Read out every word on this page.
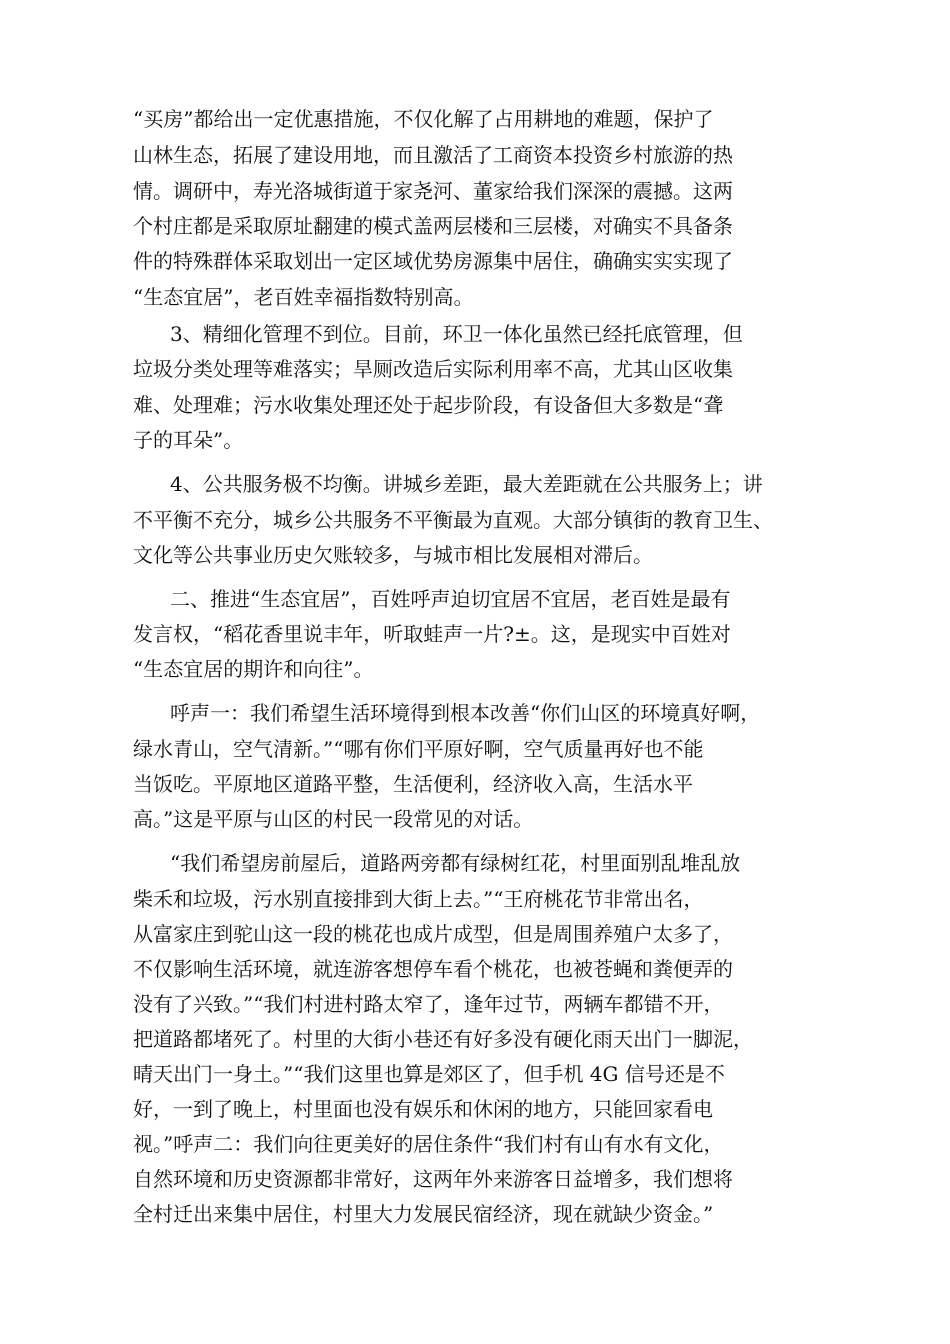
“买房”都给出一定优惠措施，不仅化解了占用耕地的难题，保护了
山林生态，拓展了建设用地，而且激活了工商资本投资乡村旅游的热
情。调研中，寿光洛城街道于家尧河、董家给我们深深的震撼。这两
个村庄都是采取原址翻建的模式盖两层楼和三层楼，对确实不具备条
件的特殊群体采取划出一定区域优势房源集中居住，确确实实实现了
“生态宜居”，老百姓幸福指数特别高。
3、精细化管理不到位。目前，环卫一体化虽然已经托底管理，但
垃圾分类处理等难落实；旱厕改造后实际利用率不高，尤其山区收集
难、处理难；污水收集处理还处于起步阶段，有设备但大多数是“聋
子的耳朵”。
4、公共服务极不均衡。讲城乡差距，最大差距就在公共服务上；讲
不平衡不充分，城乡公共服务不平衡最为直观。大部分镇街的教育卫生、
文化等公共事业历史欠账较多，与城市相比发展相对滞后。
二、推进“生态宜居”，百姓呼声迫切宜居不宜居，老百姓是最有
发言权，“稻花香里说丰年，听取蛙声一片?±。这，是现实中百姓对
“生态宜居的期许和向往”。
呼声一：我们希望生活环境得到根本改善“你们山区的环境真好啊，
绿水青山，空气清新。”“哪有你们平原好啊，空气质量再好也不能
当饭吃。平原地区道路平整，生活便利，经济收入高，生活水平
高。”这是平原与山区的村民一段常见的对话。
“我们希望房前屋后，道路两旁都有绿树红花，村里面别乱堆乱放
柴禾和垃圾，污水别直接排到大街上去。”“王府桃花节非常出名，
从富家庄到驼山这一段的桃花也成片成型，但是周围养殖户太多了，
不仅影响生活环境，就连游客想停车看个桃花，也被苍蝇和粪便弄的
没有了兴致。”“我们村进村路太窄了，逢年过节，两辆车都错不开，
把道路都堵死了。村里的大街小巷还有好多没有硬化雨天出门一脚泥，
晴天出门一身土。”“我们这里也算是郊区了，但手机 4G 信号还是不
好，一到了晚上，村里面也没有娱乐和休闲的地方，只能回家看电
视。”呼声二：我们向往更美好的居住条件“我们村有山有水有文化，
自然环境和历史资源都非常好，这两年外来游客日益增多，我们想将
全村迁出来集中居住，村里大力发展民宿经济，现在就缺少资金。”
